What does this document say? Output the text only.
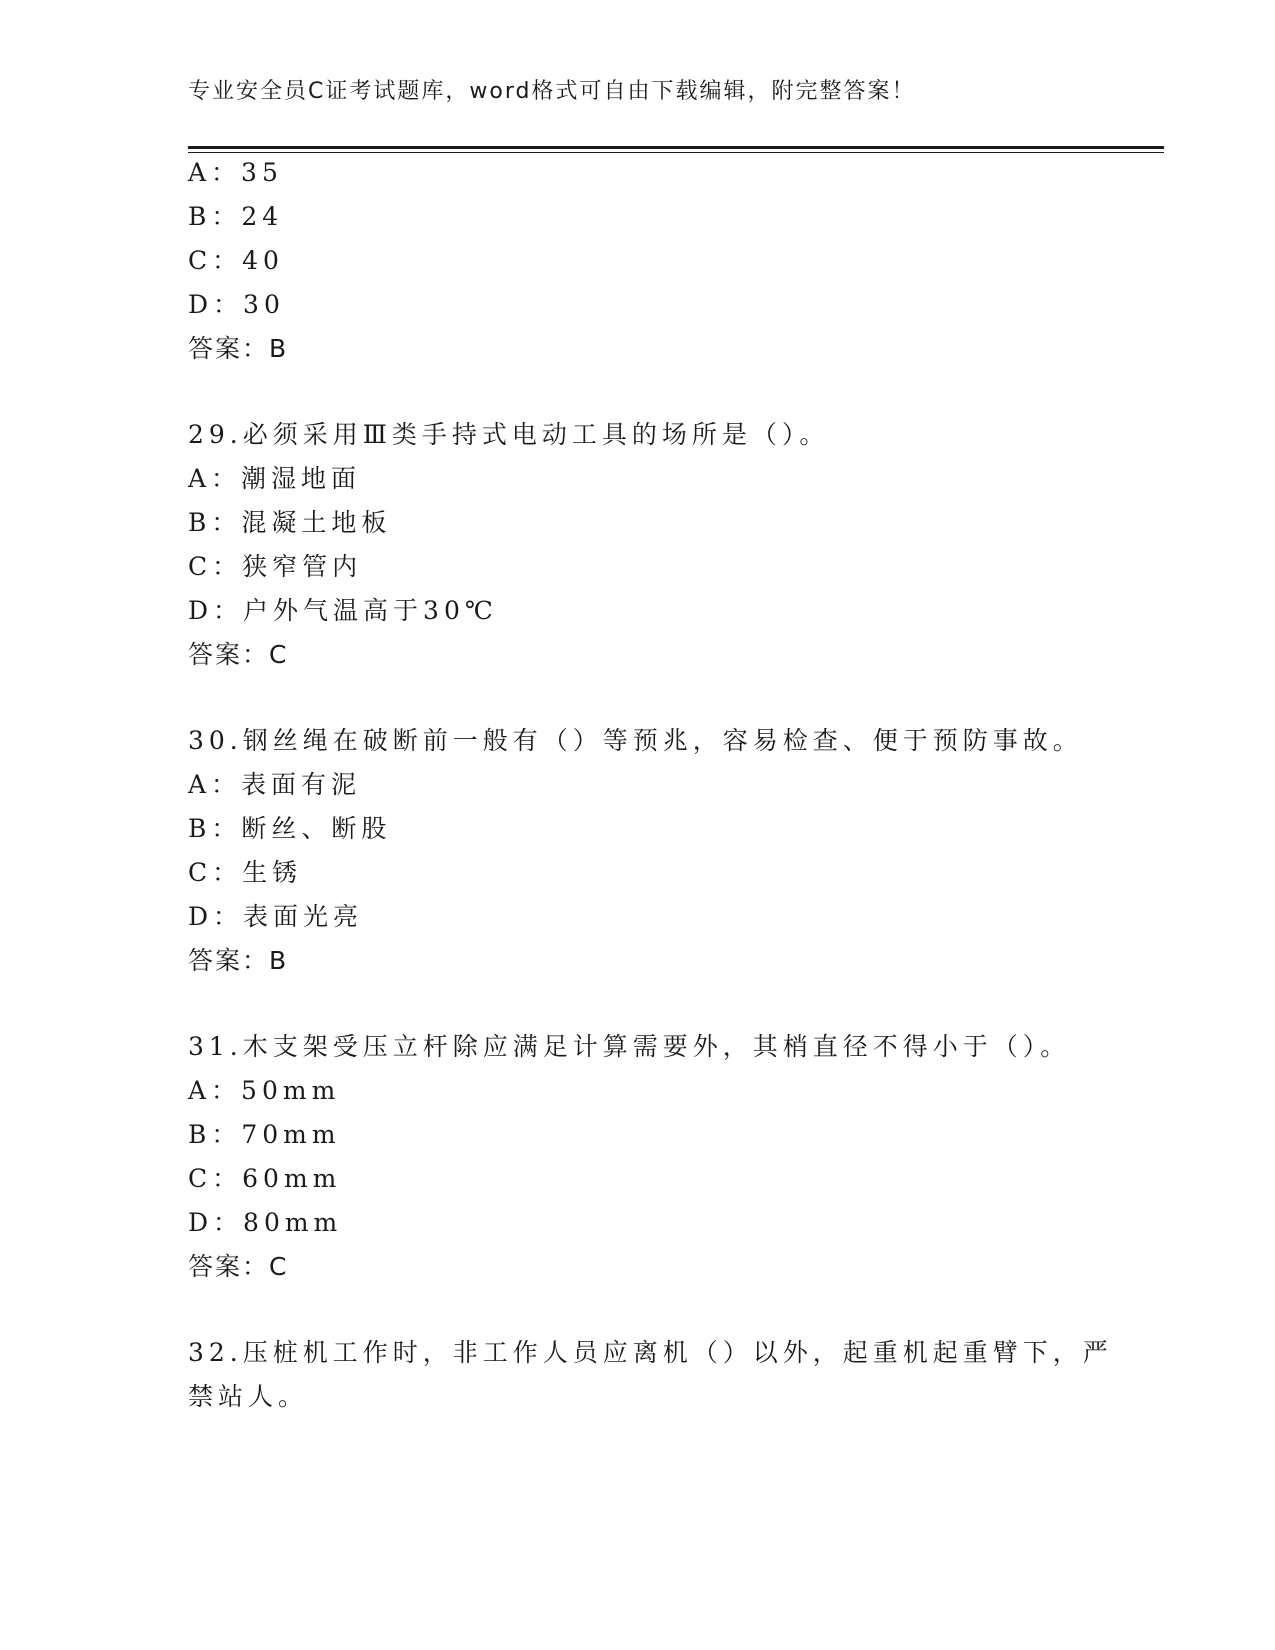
专业安全员C证考试题库，word格式可自由下载编辑，附完整答案！
A：35
B：24
C：40
D：30
答案：B
29.必须采用Ⅲ类手持式电动工具的场所是（）。
A：潮湿地面
B：混凝土地板
C：狭窄管内
D：户外气温高于30℃
答案：C
30.钢丝绳在破断前一般有（）等预兆，容易检查、便于预防事故。
A：表面有泥
B：断丝、断股
C：生锈
D：表面光亮
答案：B
31.木支架受压立杆除应满足计算需要外，其梢直径不得小于（）。
A：50mm
B：70mm
C：60mm
D：80mm
答案：C
32.压桩机工作时，非工作人员应离机（）以外，起重机起重臂下，严
禁站人。
